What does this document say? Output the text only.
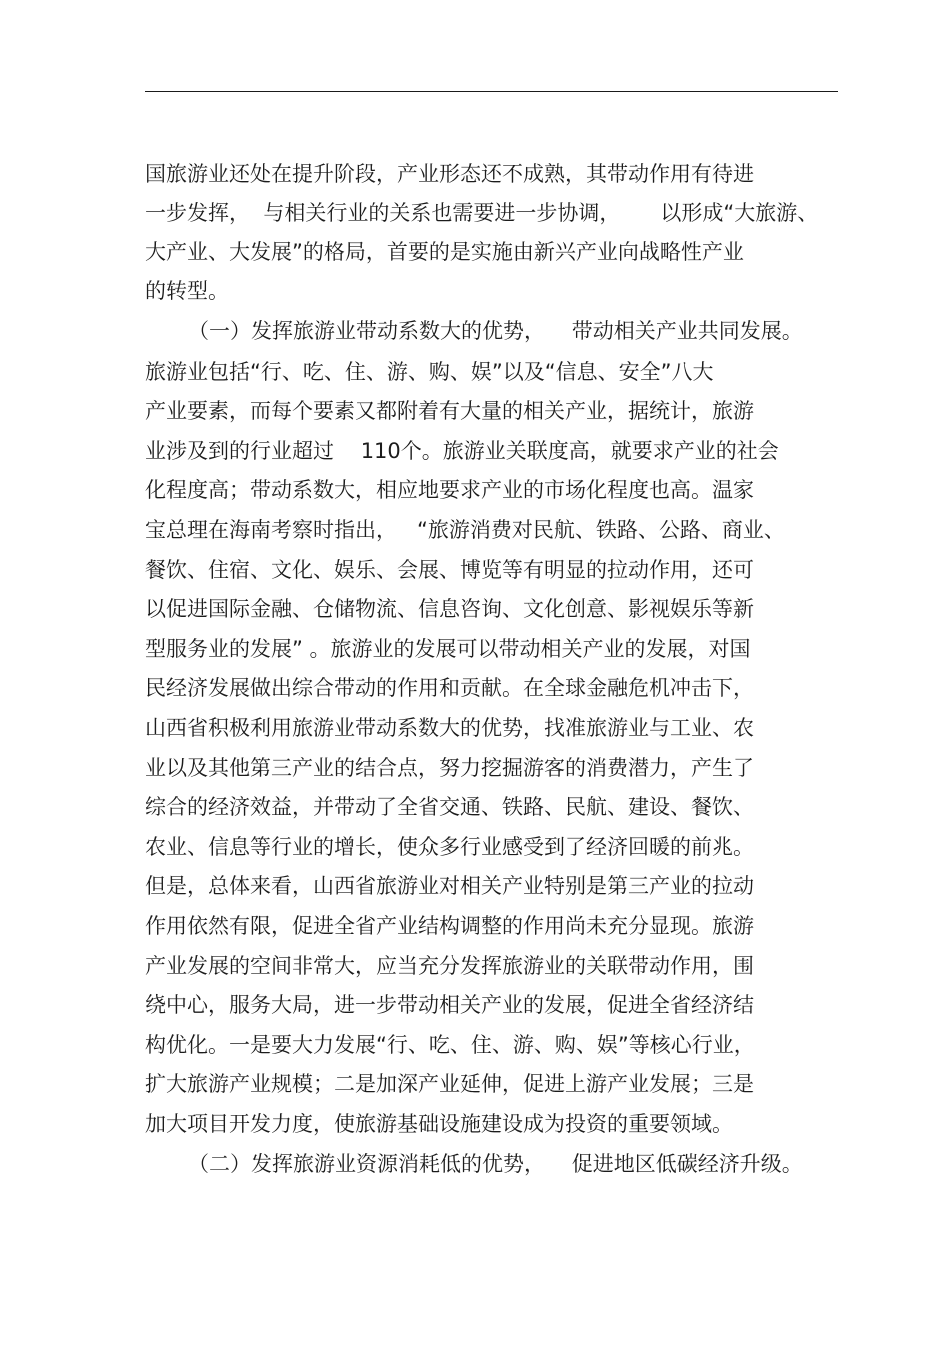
国旅游业还处在提升阶段，产业形态还不成熟，其带动作用有待进
一步发挥，  与相关行业的关系也需要进一步协调，      以形成“大旅游、
大产业、大发展”的格局，首要的是实施由新兴产业向战略性产业
的转型。
（一）发挥旅游业带动系数大的优势，    带动相关产业共同发展。
旅游业包括“行、吃、住、游、购、娱”以及“信息、安全”八大
产业要素，而每个要素又都附着有大量的相关产业，据统计，旅游
业涉及到的行业超过    110个。旅游业关联度高，就要求产业的社会
化程度高；带动系数大，相应地要求产业的市场化程度也高。温家
宝总理在海南考察时指出，   “旅游消费对民航、铁路、公路、商业、
餐饮、住宿、文化、娱乐、会展、博览等有明显的拉动作用，还可
以促进国际金融、仓储物流、信息咨询、文化创意、影视娱乐等新
型服务业的发展” 。旅游业的发展可以带动相关产业的发展，对国
民经济发展做出综合带动的作用和贡献。在全球金融危机冲击下，
山西省积极利用旅游业带动系数大的优势，找准旅游业与工业、农
业以及其他第三产业的结合点，努力挖掘游客的消费潜力，产生了
综合的经济效益，并带动了全省交通、铁路、民航、建设、餐饮、
农业、信息等行业的增长，使众多行业感受到了经济回暖的前兆。
但是，总体来看，山西省旅游业对相关产业特别是第三产业的拉动
作用依然有限，促进全省产业结构调整的作用尚未充分显现。旅游
产业发展的空间非常大，应当充分发挥旅游业的关联带动作用，围
绕中心，服务大局，进一步带动相关产业的发展，促进全省经济结
构优化。一是要大力发展“行、吃、住、游、购、娱”等核心行业，
扩大旅游产业规模；二是加深产业延伸，促进上游产业发展；三是
加大项目开发力度，使旅游基础设施建设成为投资的重要领域。
（二）发挥旅游业资源消耗低的优势，    促进地区低碳经济升级。
